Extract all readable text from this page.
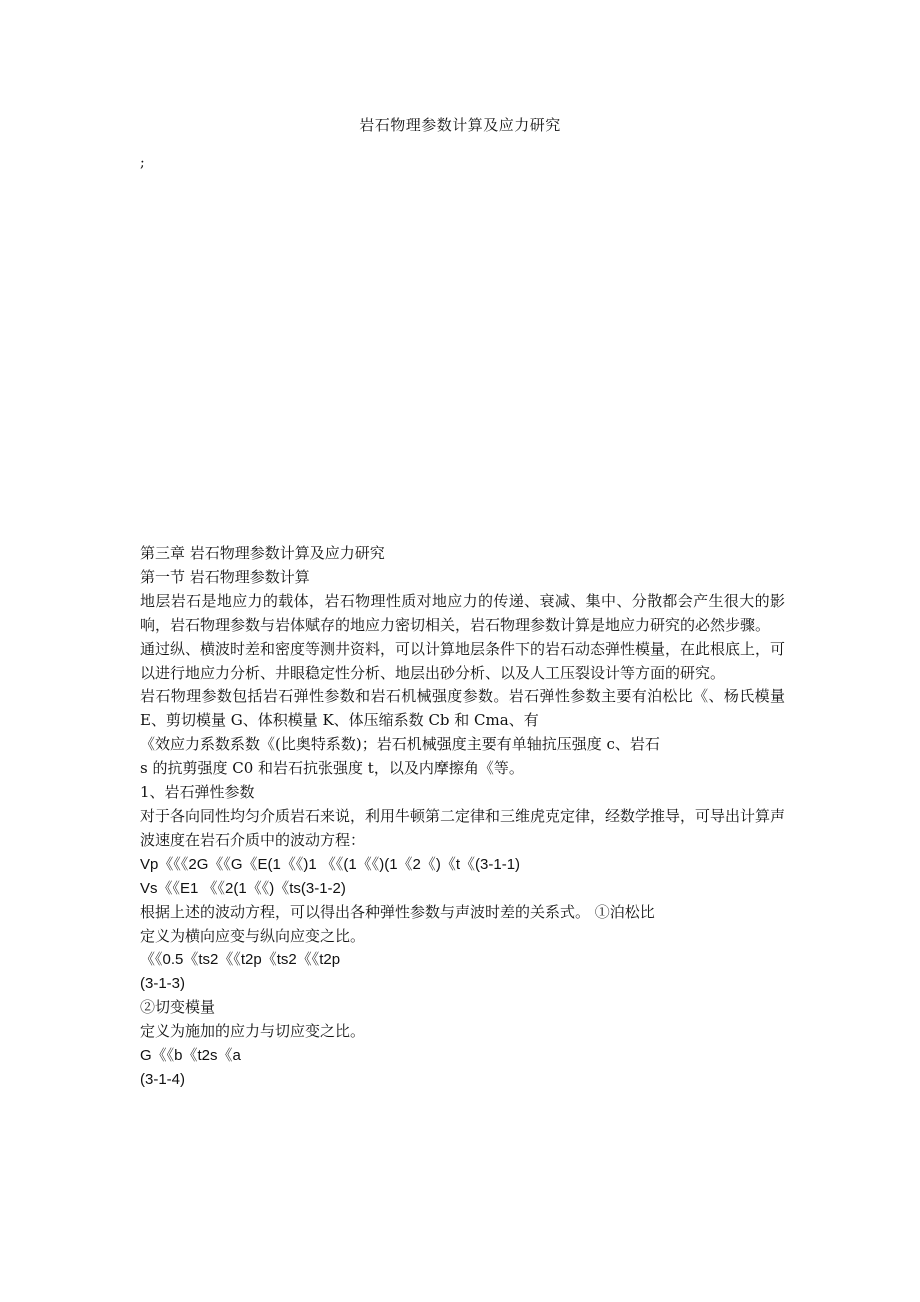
岩石物理参数计算及应力研究
;
第三章 岩石物理参数计算及应力研究
第一节 岩石物理参数计算
地层岩石是地应力的载体，岩石物理性质对地应力的传递、衰减、集中、分散都会产生很大的影响，岩石物理参数与岩体赋存的地应力密切相关，岩石物理参数计算是地应力研究的必然步骤。
通过纵、横波时差和密度等测井资料，可以计算地层条件下的岩石动态弹性模量，在此根底上，可以进行地应力分析、井眼稳定性分析、地层出砂分析、以及人工压裂设计等方面的研究。
岩石物理参数包括岩石弹性参数和岩石机械强度参数。岩石弹性参数主要有泊松比《、杨氏模量 E、剪切模量 G、体积模量 K、体压缩系数 Cb 和 Cma、有
《效应力系数系数《(比奥特系数)；岩石机械强度主要有单轴抗压强度 c、岩石
s 的抗剪强度 C0 和岩石抗张强度 t，以及内摩擦角《等。
1、岩石弹性参数
对于各向同性均匀介质岩石来说，利用牛顿第二定律和三维虎克定律，经数学推导，可导出计算声波速度在岩石介质中的波动方程：
Vp《《《2G《《G《E(1《《)1 《《(1《《)(1《2《)《t《(3-1-1)
Vs《《E1 《《2(1《《)《ts(3-1-2)
根据上述的波动方程，可以得出各种弹性参数与声波时差的关系式。 ①泊松比
定义为横向应变与纵向应变之比。
《《0.5《ts2《《t2p《ts2《《t2p
(3-1-3)
②切变模量
定义为施加的应力与切应变之比。
G《《b《t2s《a
(3-1-4)
